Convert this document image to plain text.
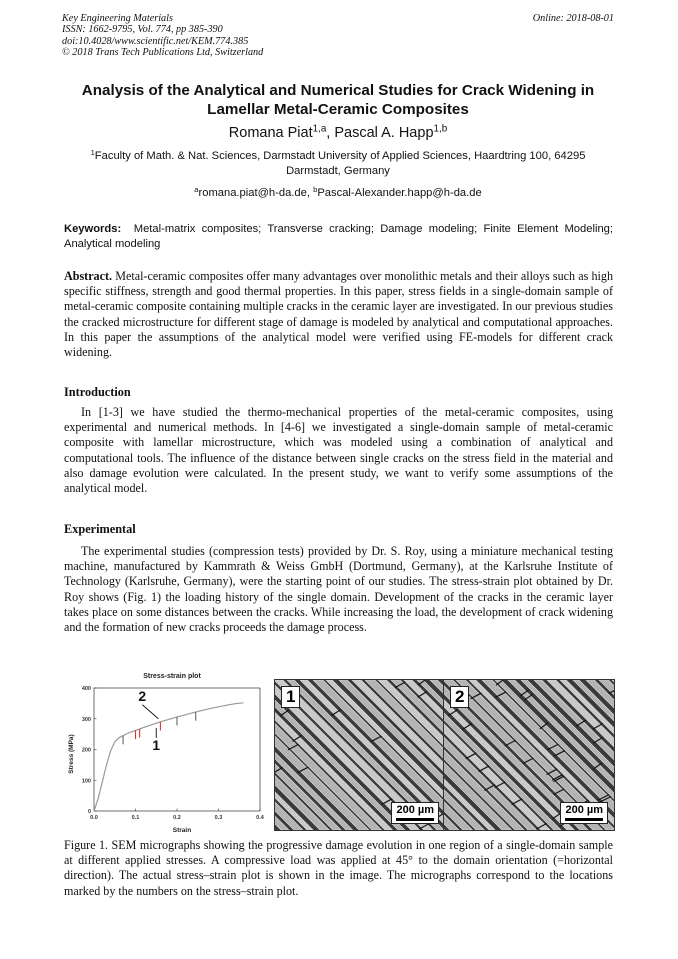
Key Engineering Materials
ISSN: 1662-9795, Vol. 774, pp 385-390
doi:10.4028/www.scientific.net/KEM.774.385
© 2018 Trans Tech Publications Ltd, Switzerland
Online: 2018-08-01
Analysis of the Analytical and Numerical Studies for Crack Widening in Lamellar Metal-Ceramic Composites
Romana Piat$^{1,a}$, Pascal A. Happ$^{1,b}$
$^1$Faculty of Math. & Nat. Sciences, Darmstadt University of Applied Sciences, Haardtring 100, 64295 Darmstadt, Germany
$^a$romana.piat@h-da.de, $^b$Pascal-Alexander.happ@h-da.de
Keywords: Metal-matrix composites; Transverse cracking; Damage modeling; Finite Element Modeling; Analytical modeling
Abstract. Metal-ceramic composites offer many advantages over monolithic metals and their alloys such as high specific stiffness, strength and good thermal properties. In this paper, stress fields in a single-domain sample of metal-ceramic composite containing multiple cracks in the ceramic layer are investigated. In our previous studies the cracked microstructure for different stage of damage is modeled by analytical and computational approaches. In this paper the assumptions of the analytical model were verified using FE-models for different crack widening.
Introduction
In [1-3] we have studied the thermo-mechanical properties of the metal-ceramic composites, using experimental and numerical methods. In [4-6] we investigated a single-domain sample of metal-ceramic composite with lamellar microstructure, which was modeled using a combination of analytical and computational tools. The influence of the distance between single cracks on the stress field in the material and also damage evolution were calculated. In the present study, we want to verify some assumptions of the analytical model.
Experimental
The experimental studies (compression tests) provided by Dr. S. Roy, using a miniature mechanical testing machine, manufactured by Kammrath & Weiss GmbH (Dortmund, Germany), at the Karlsruhe Institute of Technology (Karlsruhe, Germany), were the starting point of our studies. The stress-strain plot obtained by Dr. Roy shows (Fig. 1) the loading history of the single domain. Development of the cracks in the ceramic layer takes place on some distances between the cracks. While increasing the load, the development of crack widening and the formation of new cracks proceeds the damage process.
Stress-strain plot
Stress (MPa)
Strain
0
100
200
300
400
0.0	0.1	0.2	0.3	0.4
1
2	1
200 µm
2
200 µm
Figure 1. SEM micrographs showing the progressive damage evolution in one region of a single-domain sample at different applied stresses. A compressive load was applied at 45° to the domain orientation (=horizontal direction). The actual stress–strain plot is shown in the image. The micrographs correspond to the locations marked by the numbers on the stress–strain plot.
